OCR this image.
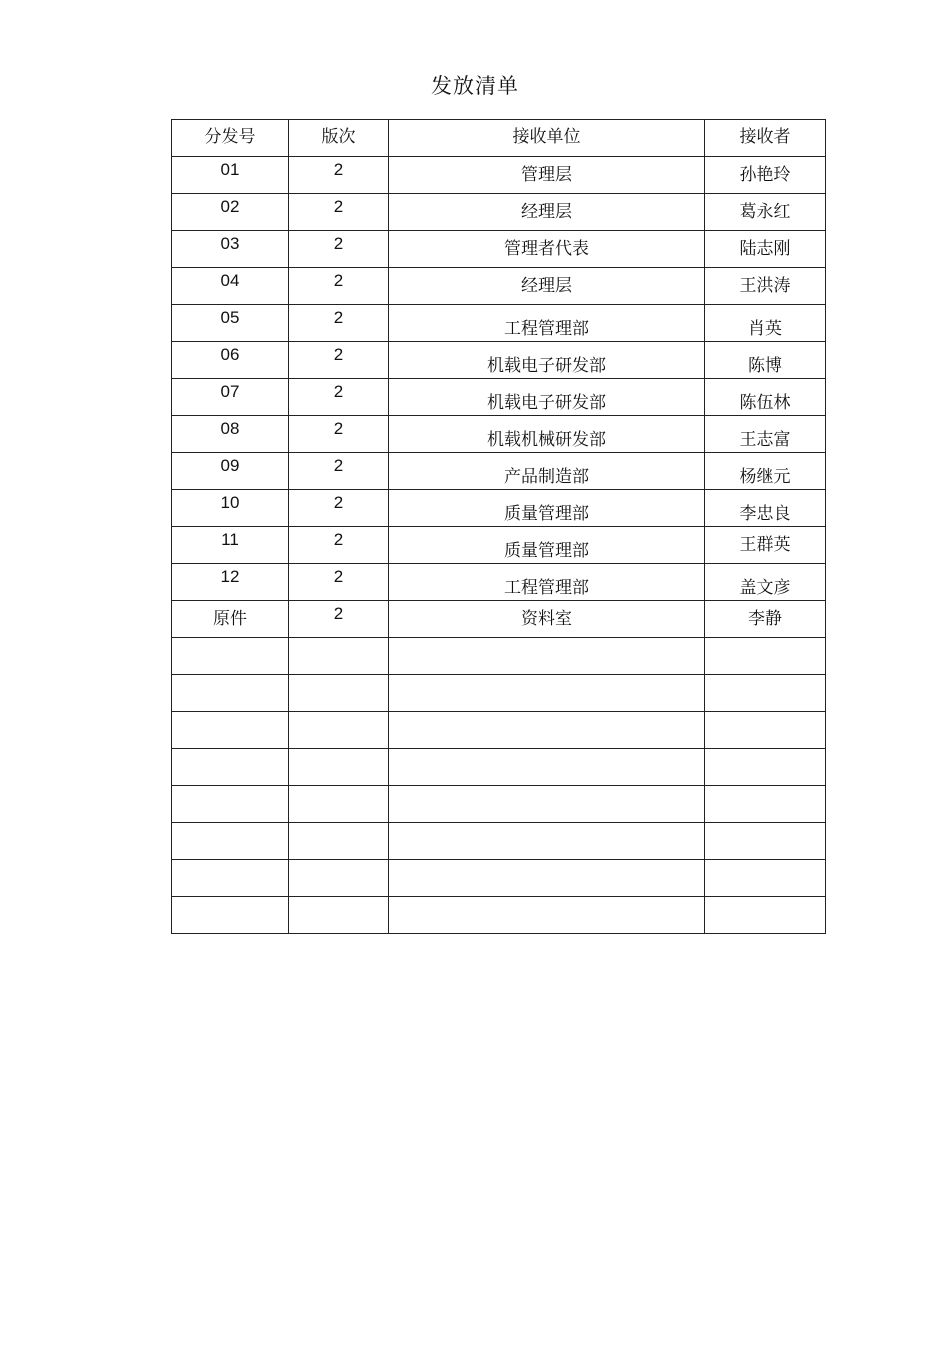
发放清单
分发号	版次	接收单位	接收者
01	2	管理层	孙艳玲
02	2	经理层	葛永红
03	2	管理者代表	陆志刚
04	2	经理层	王洪涛
05	2	工程管理部	肖英
06	2	机载电子研发部	陈博
07	2	机载电子研发部	陈伍林
08	2	机载机械研发部	王志富
09	2	产品制造部	杨继元
10	2	质量管理部	李忠良
11	2	质量管理部	王群英
12	2	工程管理部	盖文彦
原件	2	资料室	李静
